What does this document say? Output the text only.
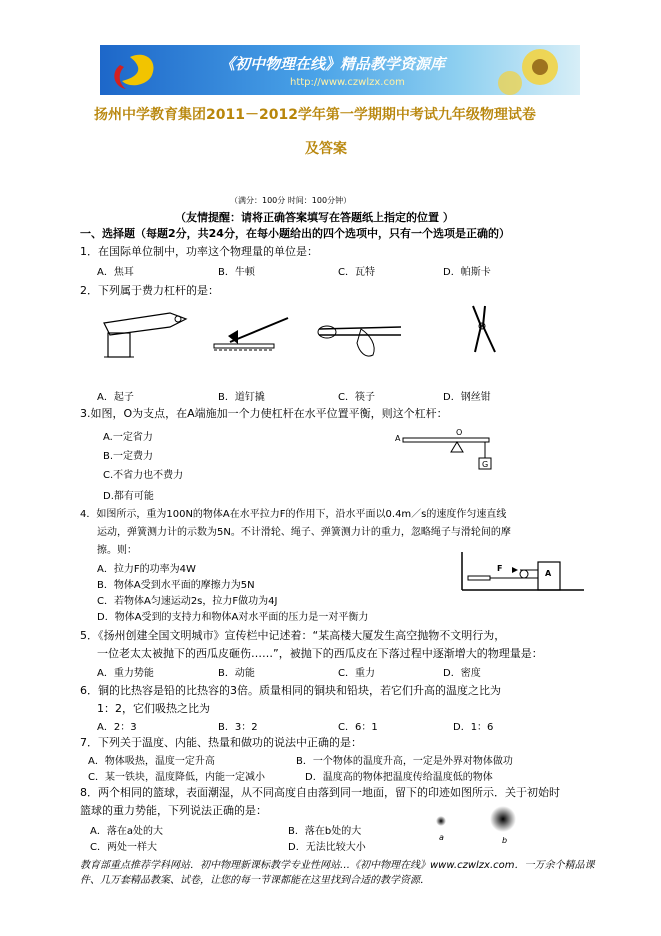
《初中物理在线》精品教学资源库
http://www.czwlzx.com
扬州中学教育集团2011－2012学年第一学期期中考试九年级物理试卷
及答案
（满分：100分 时间：100分钟）
（友情提醒：请将正确答案填写在答题纸上指定的位置 ）
一、选择题（每题2分，共24分，在每小题给出的四个选项中，只有一个选项是正确的）
1．在国际单位制中，功率这个物理量的单位是：
A．焦耳	B．牛顿	C．瓦特	D．帕斯卡
2．下列属于费力杠杆的是：
A．起子	B．道钉撬	C．筷子	D．钢丝钳
3.如图，O为支点，在A端施加一个力使杠杆在水平位置平衡，则这个杠杆：
A.一定省力
B.一定费力
C.不省力也不费力
D.都有可能
A
O
G
4．如图所示，重为100N的物体A在水平拉力F的作用下，沿水平面以0.4m／s的速度作匀速直线
运动，弹簧测力计的示数为5N。不计滑轮、绳子、弹簧测力计的重力，忽略绳子与滑轮间的摩
擦。则：
A．拉力F的功率为4W
B．物体A受到水平面的摩擦力为5N
C．若物体A匀速运动2s，拉力F做功为4J
D．物体A受到的支持力和物体A对水平面的压力是一对平衡力
F
A
5．《扬州创建全国文明城市》宣传栏中记述着：“某高楼大厦发生高空抛物不文明行为，
一位老太太被抛下的西瓜皮砸伤……”，被抛下的西瓜皮在下落过程中逐渐增大的物理量是：
A．重力势能	B．动能	C．重力	D．密度
6．铜的比热容是铅的比热容的3倍。质量相同的铜块和铅块，若它们升高的温度之比为
1：2，它们吸热之比为
A．2：3	B．3：2	C．6：1	D．1：6
7．下列关于温度、内能、热量和做功的说法中正确的是：
A．物体吸热，温度一定升高	B．一个物体的温度升高，一定是外界对物体做功
C．某一铁块，温度降低，内能一定减小	D．温度高的物体把温度传给温度低的物体
8．两个相同的篮球，表面潮湿，从不同高度自由落到同一地面，留下的印迹如图所示．关于初始时
篮球的重力势能，下列说法正确的是：
A．落在a处的大	B．落在b处的大
C．两处一样大	D．无法比较大小
a	b
教育部重点推荐学科网站．初中物理新课标教学专业性网站…《初中物理在线》www.czwlzx.com．一万余个精品课
件、几万套精品教案、试卷，让您的每一节课都能在这里找到合适的教学资源．
